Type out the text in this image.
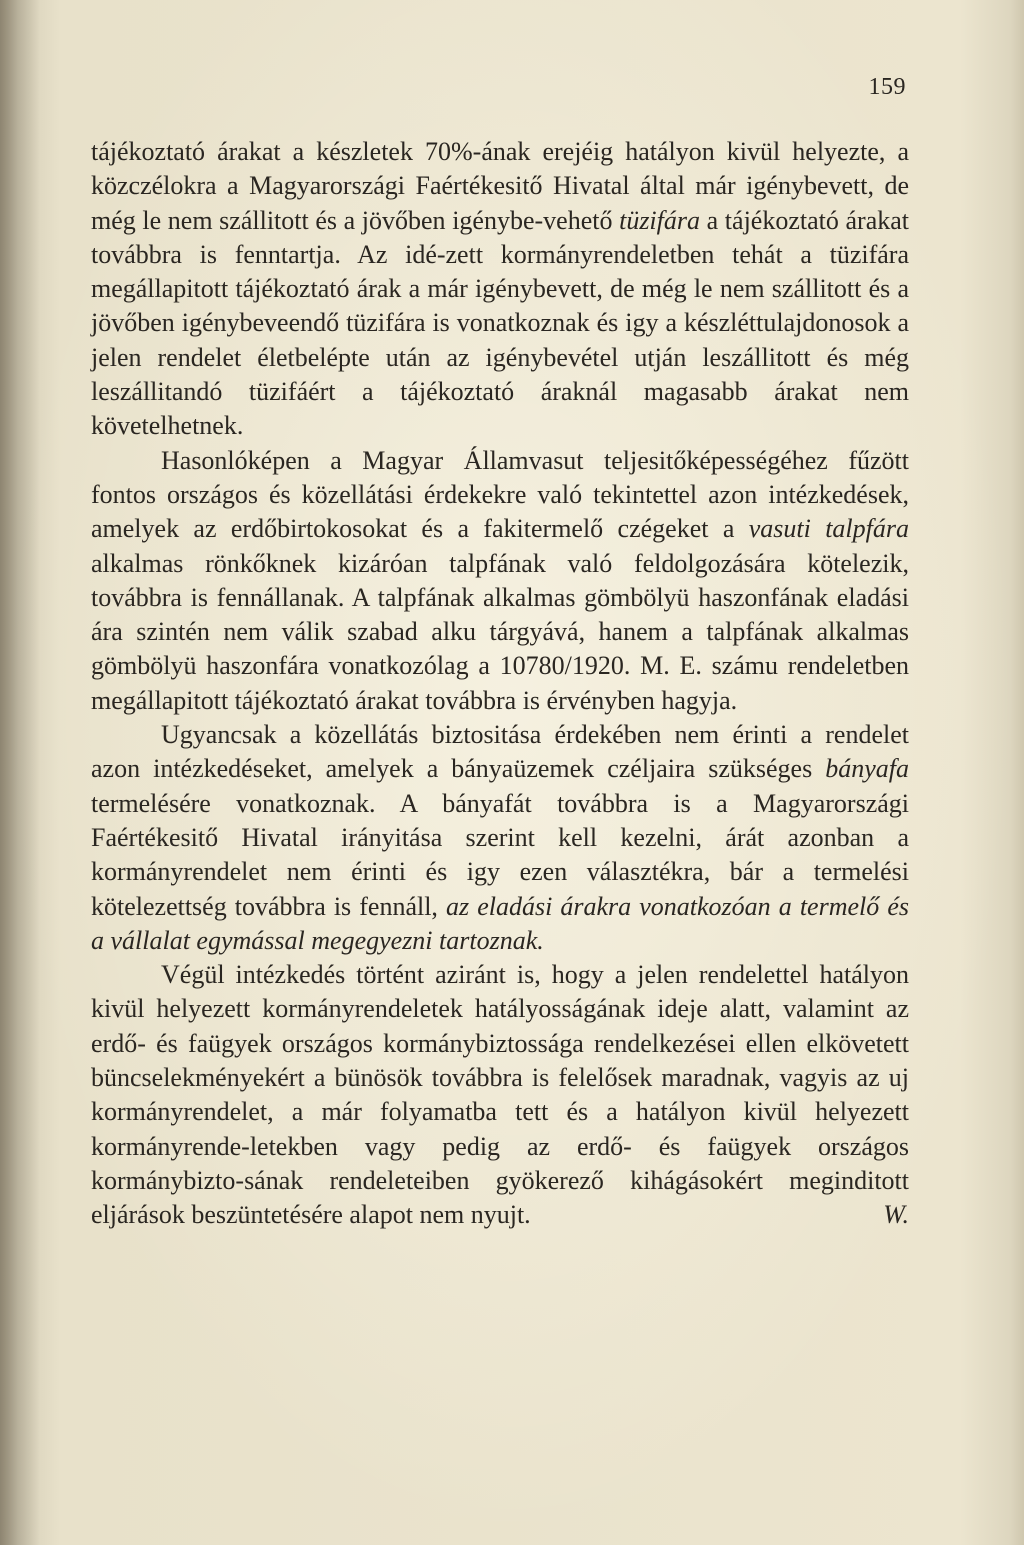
159

tájékoztató árakat a készletek 70%-ának erejéig hatályon kivül helyezte, a közczélokra a Magyarországi Faértékesitő Hivatal által már igénybevett, de még le nem szállitott és a jövőben igénybe-vehető tüzifára a tájékoztató árakat továbbra is fenntartja. Az idé-zett kormányrendeletben tehát a tüzifára megállapitott tájékoztató árak a már igénybevett, de még le nem szállitott és a jövőben igénybeveendő tüzifára is vonatkoznak és igy a készléttulajdonosok a jelen rendelet életbelépte után az igénybevétel utján leszállitott és még leszállitandó tüzifáért a tájékoztató áraknál magasabb árakat nem követelhetnek.

Hasonlóképen a Magyar Államvasut teljesitőképességéhez fűzött fontos országos és közellátási érdekekre való tekintettel azon intézkedések, amelyek az erdőbirtokosokat és a fakitermelő czégeket a vasuti talpfára alkalmas rönkőknek kizáróan talpfának való feldolgozására kötelezik, továbbra is fennállanak. A talpfának alkalmas gömbölyü haszonfának eladási ára szintén nem válik szabad alku tárgyává, hanem a talpfának alkalmas gömbölyü haszonfára vonatkozólag a 10780/1920. M. E. számu rendeletben megállapitott tájékoztató árakat továbbra is érvényben hagyja.

Ugyancsak a közellátás biztositása érdekében nem érinti a rendelet azon intézkedéseket, amelyek a bányaüzemek czéljaira szükséges bányafa termelésére vonatkoznak. A bányafát továbbra is a Magyarországi Faértékesitő Hivatal irányitása szerint kell kezelni, árát azonban a kormányrendelet nem érinti és igy ezen választékra, bár a termelési kötelezettség továbbra is fennáll, az eladási árakra vonatkozóan a termelő és a vállalat egymással megegyezni tartoznak.

Végül intézkedés történt aziránt is, hogy a jelen rendelettel hatályon kivül helyezett kormányrendeletek hatályosságának ideje alatt, valamint az erdő- és faügyek országos kormánybiztossága rendelkezései ellen elkövetett büncselekményekért a bünösök továbbra is felelősek maradnak, vagyis az uj kormányrendelet, a már folyamatba tett és a hatályon kivül helyezett kormányrende-letekben vagy pedig az erdő- és faügyek országos kormánybizto-sának rendeleteiben gyökerező kihágásokért meginditott eljárások beszüntetésére alapot nem nyujt.	W.
